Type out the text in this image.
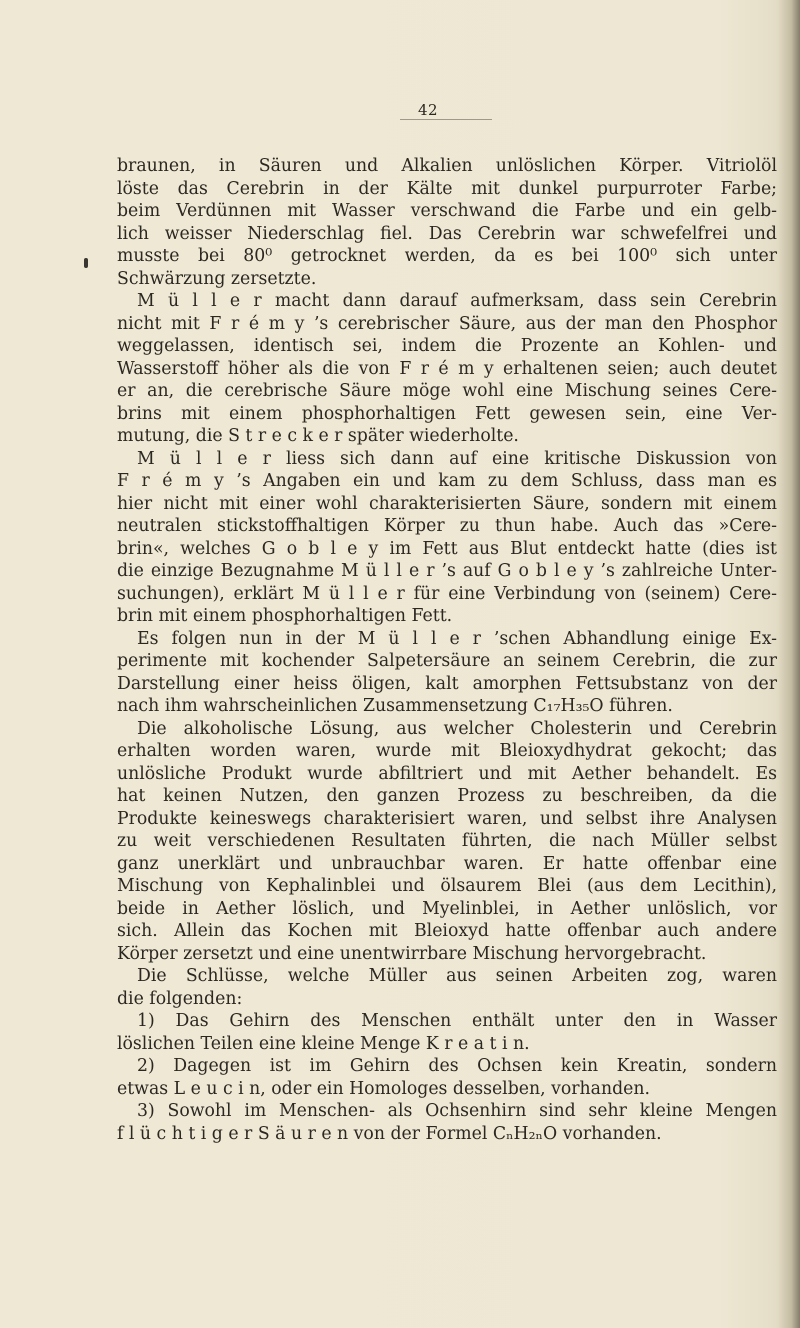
42
braunen, in Säuren und Alkalien unlöslichen Körper. Vitriolöl
löste das Cerebrin in der Kälte mit dunkel purpurroter Farbe;
beim Verdünnen mit Wasser verschwand die Farbe und ein gelb-
lich weisser Niederschlag fiel. Das Cerebrin war schwefelfrei und
musste bei 80⁰ getrocknet werden, da es bei 100⁰ sich unter
Schwärzung zersetzte.
M ü l l e r macht dann darauf aufmerksam, dass sein Cerebrin
nicht mit F r é m y ’s cerebrischer Säure, aus der man den Phosphor
weggelassen, identisch sei, indem die Prozente an Kohlen- und
Wasserstoff höher als die von F r é m y erhaltenen seien; auch deutet
er an, die cerebrische Säure möge wohl eine Mischung seines Cere-
brins mit einem phosphorhaltigen Fett gewesen sein, eine Ver-
mutung, die S t r e c k e r später wiederholte.
M ü l l e r liess sich dann auf eine kritische Diskussion von
F r é m y ’s Angaben ein und kam zu dem Schluss, dass man es
hier nicht mit einer wohl charakterisierten Säure, sondern mit einem
neutralen stickstoffhaltigen Körper zu thun habe. Auch das »Cere-
brin«, welches G o b l e y im Fett aus Blut entdeckt hatte (dies ist
die einzige Bezugnahme M ü l l e r ’s auf G o b l e y ’s zahlreiche Unter-
suchungen), erklärt M ü l l e r für eine Verbindung von (seinem) Cere-
brin mit einem phosphorhaltigen Fett.
Es folgen nun in der M ü l l e r ’schen Abhandlung einige Ex-
perimente mit kochender Salpetersäure an seinem Cerebrin, die zur
Darstellung einer heiss öligen, kalt amorphen Fettsubstanz von der
nach ihm wahrscheinlichen Zusammensetzung C₁₇H₃₅O führen.
Die alkoholische Lösung, aus welcher Cholesterin und Cerebrin
erhalten worden waren, wurde mit Bleioxydhydrat gekocht; das
unlösliche Produkt wurde abfiltriert und mit Aether behandelt. Es
hat keinen Nutzen, den ganzen Prozess zu beschreiben, da die
Produkte keineswegs charakterisiert waren, und selbst ihre Analysen
zu weit verschiedenen Resultaten führten, die nach Müller selbst
ganz unerklärt und unbrauchbar waren. Er hatte offenbar eine
Mischung von Kephalinblei und ölsaurem Blei (aus dem Lecithin),
beide in Aether löslich, und Myelinblei, in Aether unlöslich, vor
sich. Allein das Kochen mit Bleioxyd hatte offenbar auch andere
Körper zersetzt und eine unentwirrbare Mischung hervorgebracht.
Die Schlüsse, welche Müller aus seinen Arbeiten zog, waren
die folgenden:
1) Das Gehirn des Menschen enthält unter den in Wasser
löslichen Teilen eine kleine Menge K r e a t i n.
2) Dagegen ist im Gehirn des Ochsen kein Kreatin, sondern
etwas L e u c i n, oder ein Homologes desselben, vorhanden.
3) Sowohl im Menschen- als Ochsenhirn sind sehr kleine Mengen
f l ü c h t i g e r S ä u r e n von der Formel CₙH₂ₙO vorhanden.
